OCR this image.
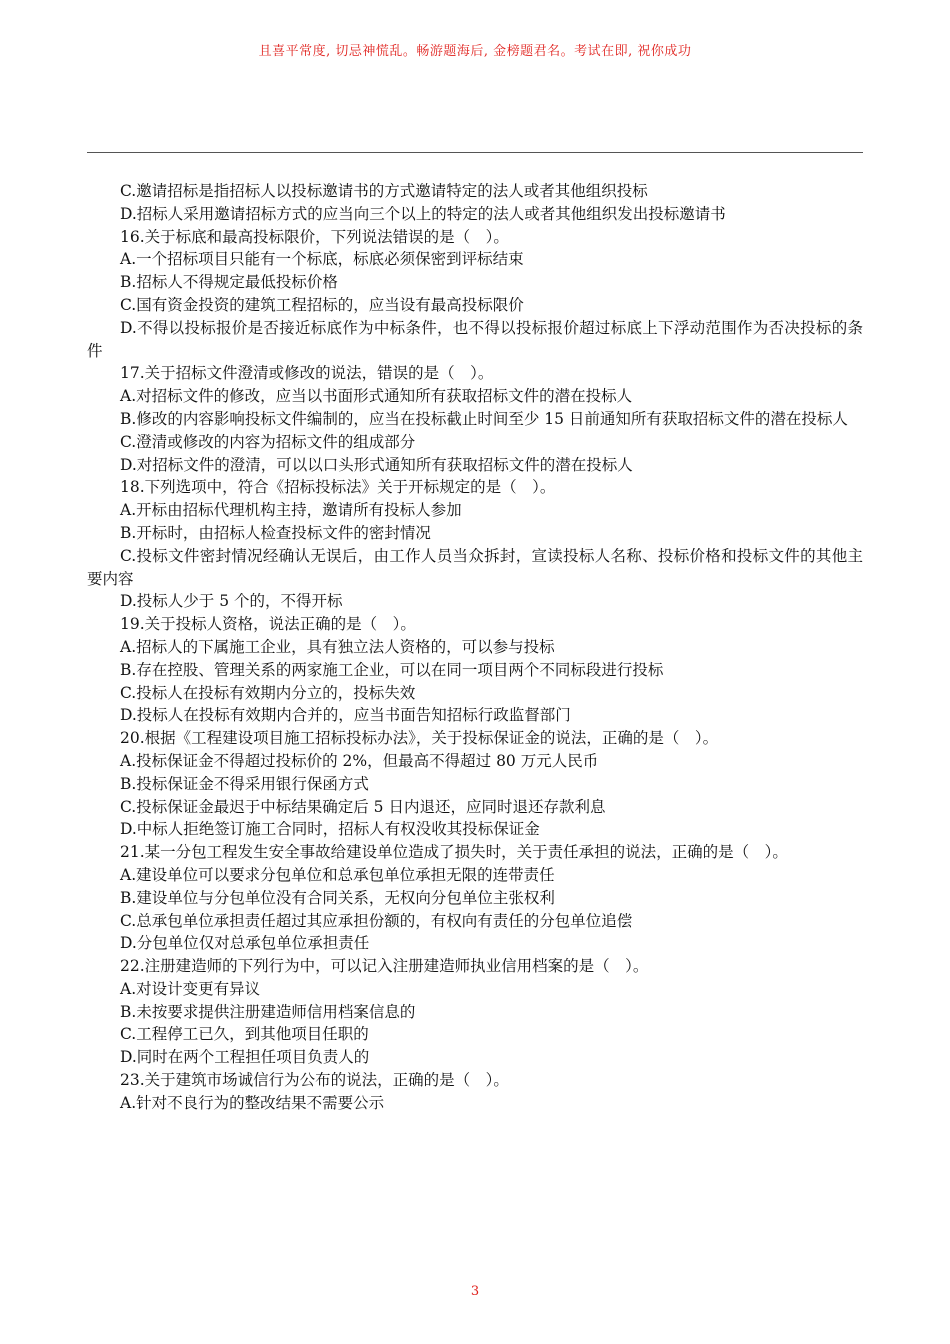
且喜平常度, 切忌神慌乱。畅游题海后, 金榜题君名。考试在即, 祝你成功
C.邀请招标是指招标人以投标邀请书的方式邀请特定的法人或者其他组织投标
D.招标人采用邀请招标方式的应当向三个以上的特定的法人或者其他组织发出投标邀请书
16.关于标底和最高投标限价，下列说法错误的是（　）。
A.一个招标项目只能有一个标底，标底必须保密到评标结束
B.招标人不得规定最低投标价格
C.国有资金投资的建筑工程招标的，应当设有最高投标限价
D.不得以投标报价是否接近标底作为中标条件，也不得以投标报价超过标底上下浮动范围作为否决投标的条件
17.关于招标文件澄清或修改的说法，错误的是（　）。
A.对招标文件的修改，应当以书面形式通知所有获取招标文件的潜在投标人
B.修改的内容影响投标文件编制的，应当在投标截止时间至少 15 日前通知所有获取招标文件的潜在投标人
C.澄清或修改的内容为招标文件的组成部分
D.对招标文件的澄清，可以以口头形式通知所有获取招标文件的潜在投标人
18.下列选项中，符合《招标投标法》关于开标规定的是（　）。
A.开标由招标代理机构主持，邀请所有投标人参加
B.开标时，由招标人检查投标文件的密封情况
C.投标文件密封情况经确认无误后，由工作人员当众拆封，宣读投标人名称、投标价格和投标文件的其他主要内容
D.投标人少于 5 个的，不得开标
19.关于投标人资格，说法正确的是（　）。
A.招标人的下属施工企业，具有独立法人资格的，可以参与投标
B.存在控股、管理关系的两家施工企业，可以在同一项目两个不同标段进行投标
C.投标人在投标有效期内分立的，投标失效
D.投标人在投标有效期内合并的，应当书面告知招标行政监督部门
20.根据《工程建设项目施工招标投标办法》，关于投标保证金的说法，正确的是（　）。
A.投标保证金不得超过投标价的 2%，但最高不得超过 80 万元人民币
B.投标保证金不得采用银行保函方式
C.投标保证金最迟于中标结果确定后 5 日内退还，应同时退还存款利息
D.中标人拒绝签订施工合同时，招标人有权没收其投标保证金
21.某一分包工程发生安全事故给建设单位造成了损失时，关于责任承担的说法，正确的是（　）。
A.建设单位可以要求分包单位和总承包单位承担无限的连带责任
B.建设单位与分包单位没有合同关系，无权向分包单位主张权利
C.总承包单位承担责任超过其应承担份额的，有权向有责任的分包单位追偿
D.分包单位仅对总承包单位承担责任
22.注册建造师的下列行为中，可以记入注册建造师执业信用档案的是（　）。
A.对设计变更有异议
B.未按要求提供注册建造师信用档案信息的
C.工程停工已久，到其他项目任职的
D.同时在两个工程担任项目负责人的
23.关于建筑市场诚信行为公布的说法，正确的是（　）。
A.针对不良行为的整改结果不需要公示
3
